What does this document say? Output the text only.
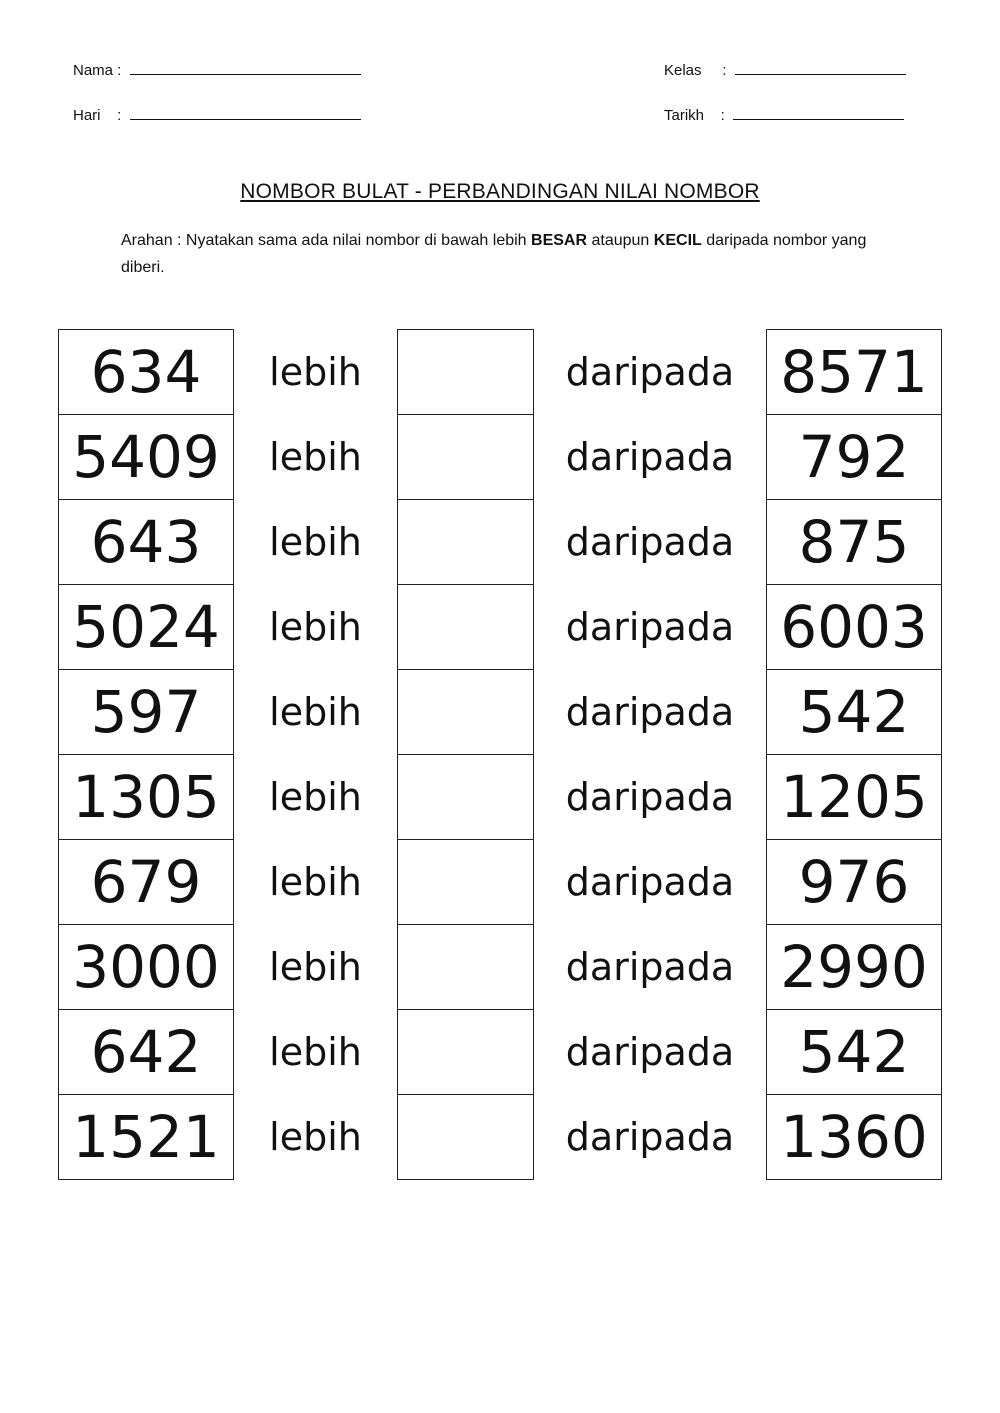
Nama :
Hari    :
Kelas     :
Tarikh    :
NOMBOR BULAT - PERBANDINGAN NILAI NOMBOR
Arahan : Nyatakan sama ada nilai nombor di bawah lebih BESAR ataupun KECIL daripada nombor yang diberi.
634	lebih		daripada	8571
5409	lebih		daripada	792
643	lebih		daripada	875
5024	lebih		daripada	6003
597	lebih		daripada	542
1305	lebih		daripada	1205
679	lebih		daripada	976
3000	lebih		daripada	2990
642	lebih		daripada	542
1521	lebih		daripada	1360
